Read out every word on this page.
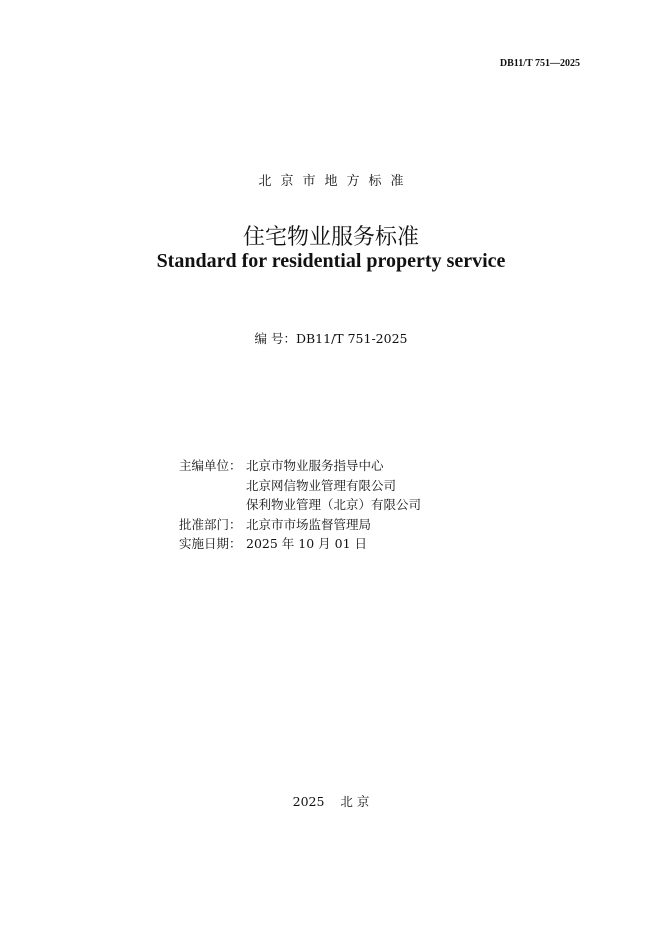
DB11/T 751—2025
北京市地方标准
住宅物业服务标准
Standard for residential property service
编 号：DB11/T 751-2025
主编单位： 北京市物业服务指导中心
北京网信物业管理有限公司
保利物业管理（北京）有限公司
批准部门： 北京市市场监督管理局
实施日期： 2025 年 10 月 01 日
2025 北 京
